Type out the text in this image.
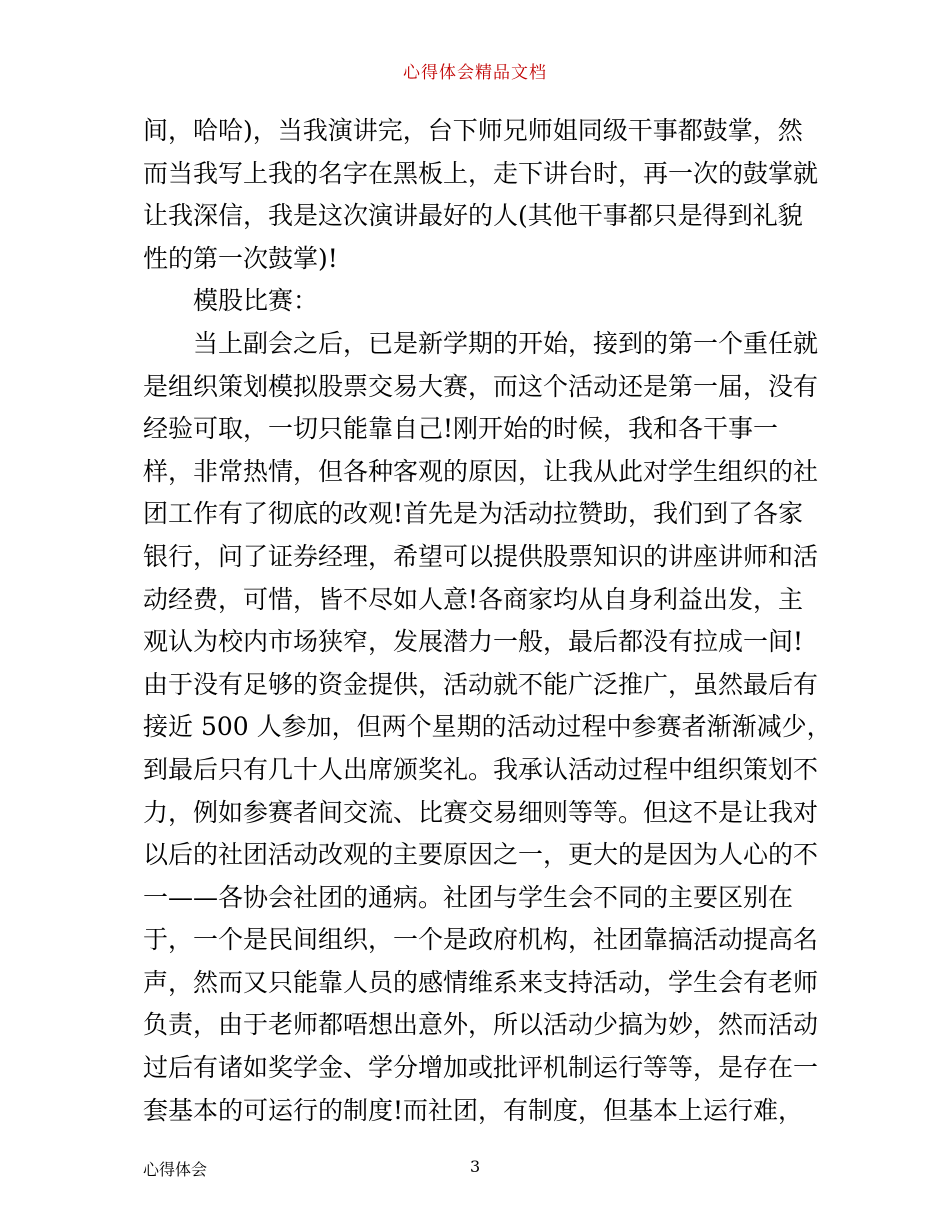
心得体会精品文档
间，哈哈)，当我演讲完，台下师兄师姐同级干事都鼓掌，然
而当我写上我的名字在黑板上，走下讲台时，再一次的鼓掌就
让我深信，我是这次演讲最好的人(其他干事都只是得到礼貌
性的第一次鼓掌)!
模股比赛：
当上副会之后，已是新学期的开始，接到的第一个重任就
是组织策划模拟股票交易大赛，而这个活动还是第一届，没有
经验可取，一切只能靠自己!刚开始的时候，我和各干事一
样，非常热情，但各种客观的原因，让我从此对学生组织的社
团工作有了彻底的改观!首先是为活动拉赞助，我们到了各家
银行，问了证券经理，希望可以提供股票知识的讲座讲师和活
动经费，可惜，皆不尽如人意!各商家均从自身利益出发，主
观认为校内市场狭窄，发展潜力一般，最后都没有拉成一间!
由于没有足够的资金提供，活动就不能广泛推广，虽然最后有
接近 500 人参加，但两个星期的活动过程中参赛者渐渐减少，
到最后只有几十人出席颁奖礼。我承认活动过程中组织策划不
力，例如参赛者间交流、比赛交易细则等等。但这不是让我对
以后的社团活动改观的主要原因之一，更大的是因为人心的不
一——各协会社团的通病。社团与学生会不同的主要区别在
于，一个是民间组织，一个是政府机构，社团靠搞活动提高名
声，然而又只能靠人员的感情维系来支持活动，学生会有老师
负责，由于老师都唔想出意外，所以活动少搞为妙，然而活动
过后有诸如奖学金、学分增加或批评机制运行等等，是存在一
套基本的可运行的制度!而社团，有制度，但基本上运行难，
心得体会	3
